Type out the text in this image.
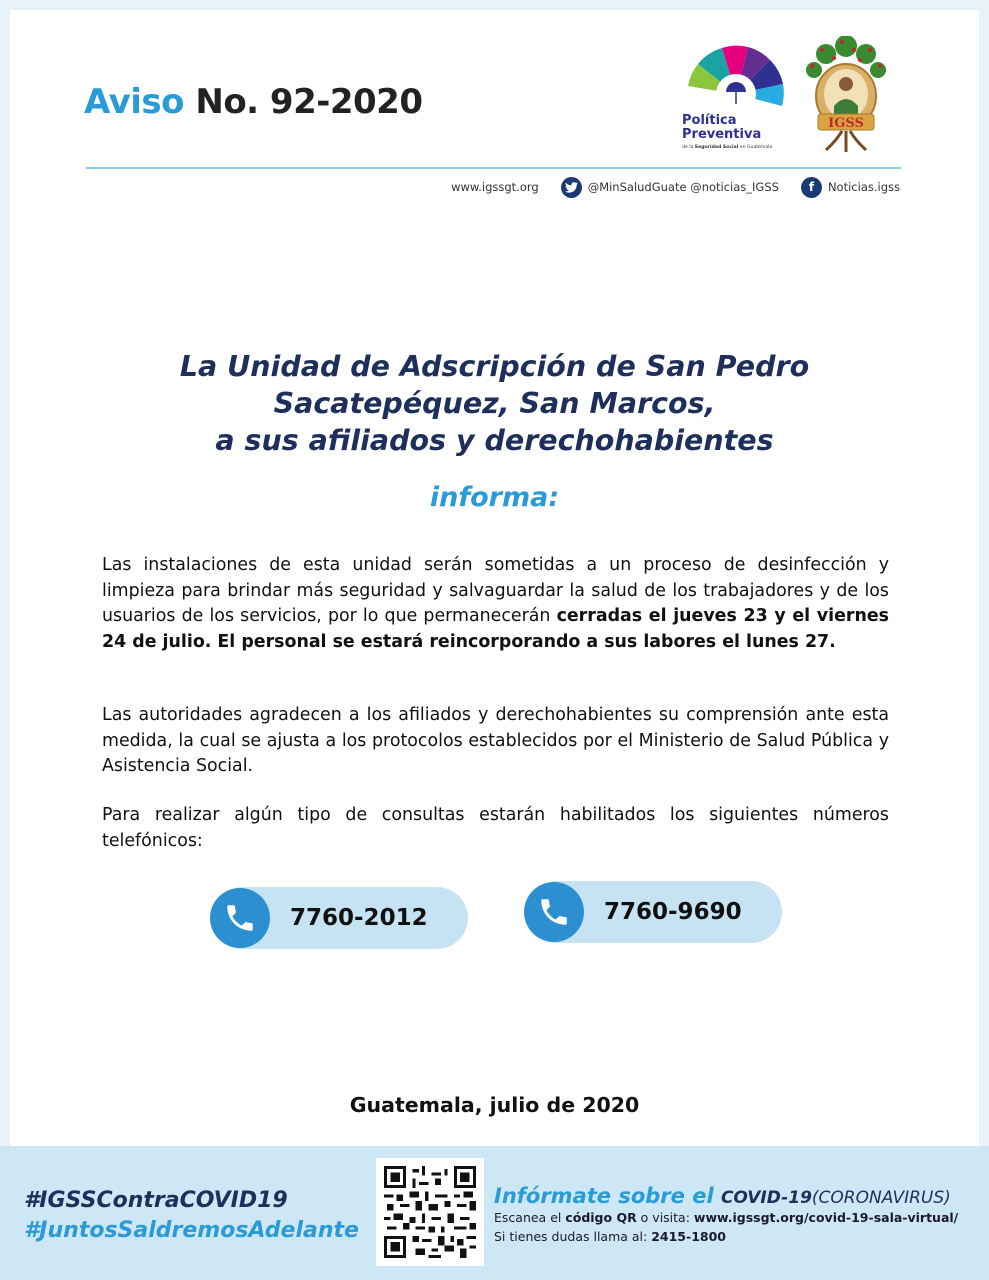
Aviso No. 92-2020	Política
Preventiva
de la Seguridad Social en Guatemala
IGSS
www.igssgt.org	@MinSaludGuate @noticias_IGSS	f	Noticias.igss
La Unidad de Adscripción de San Pedro
Sacatepéquez, San Marcos,
a sus afiliados y derechohabientes
informa:

Las instalaciones de esta unidad serán sometidas a un proceso de desinfección y limpieza para brindar más seguridad y salvaguardar la salud de los trabajadores y de los usuarios de los servicios, por lo que permanecerán cerradas el jueves 23 y el viernes 24 de julio. El personal se estará reincorporando a sus labores el lunes 27.

Las autoridades agradecen a los afiliados y derechohabientes su comprensión ante esta medida, la cual se ajusta a los protocolos establecidos por el Ministerio de Salud Pública y Asistencia Social.

Para realizar algún tipo de consultas estarán habilitados los siguientes números telefónicos:

7760-2012	7760-9690
Guatemala, julio de 2020
#IGSSContraCOVID19
#JuntosSaldremosAdelante
Infórmate sobre el COVID-19(CORONAVIRUS)
Escanea el código QR o visita: www.igssgt.org/covid-19-sala-virtual/
Si tienes dudas llama al: 2415-1800
